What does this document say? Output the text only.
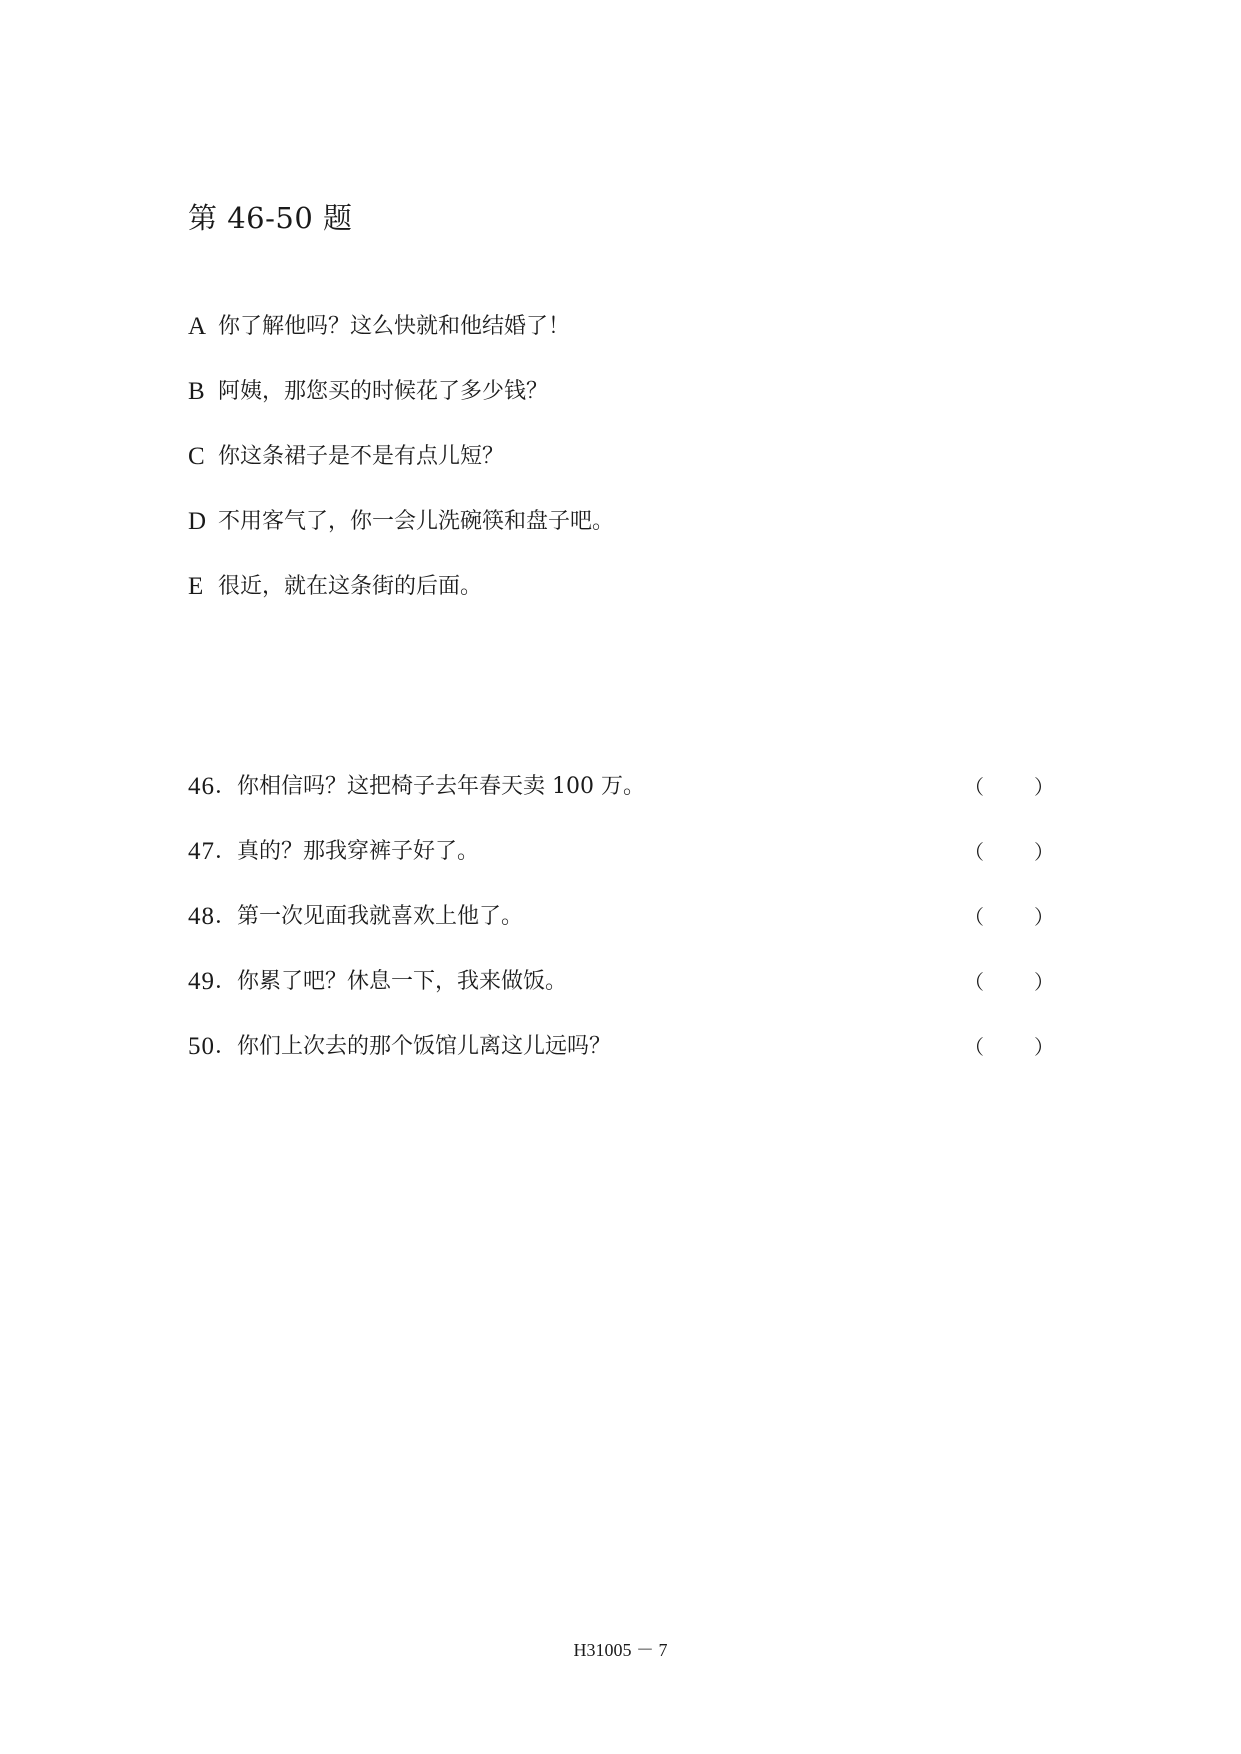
第 46-50 题
A 你了解他吗？这么快就和他结婚了！
B 阿姨，那您买的时候花了多少钱？
C 你这条裙子是不是有点儿短？
D 不用客气了，你一会儿洗碗筷和盘子吧。
E 很近，就在这条街的后面。
46 ． 你相信吗？这把椅子去年春天卖 100 万。	（	）
47 ． 真的？那我穿裤子好了。	（	）
48 ． 第一次见面我就喜欢上他了。	（	）
49 ． 你累了吧？休息一下，我来做饭。	（	）
50 ． 你们上次去的那个饭馆儿离这儿远吗？	（	）
H31005 － 7
